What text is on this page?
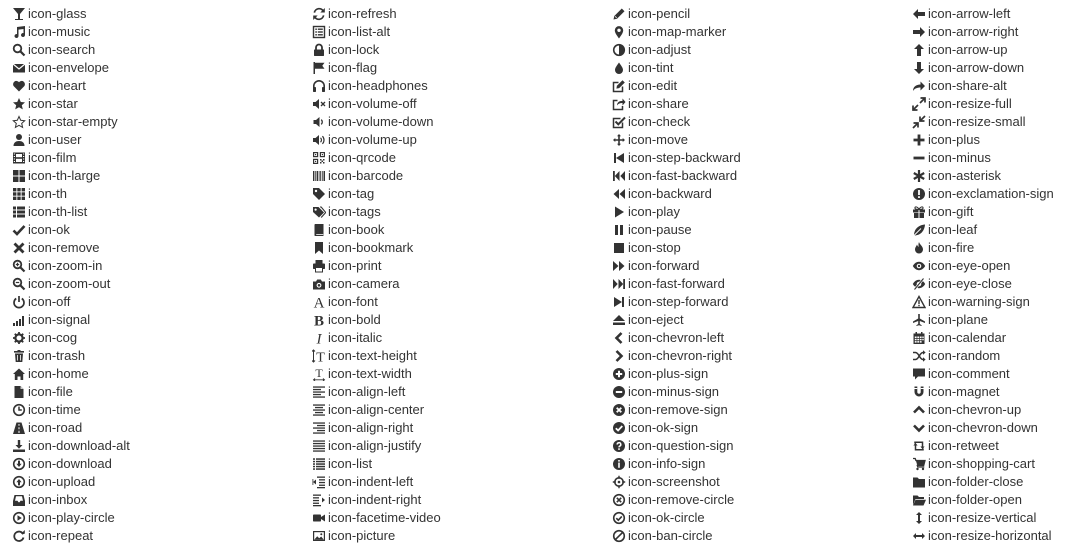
icon-glass
icon-music
icon-search
icon-envelope
icon-heart
icon-star
icon-star-empty
icon-user
icon-film
icon-th-large
icon-th
icon-th-list
icon-ok
icon-remove
icon-zoom-in
icon-zoom-out
icon-off
icon-signal
icon-cog
icon-trash
icon-home
icon-file
icon-time
icon-road
icon-download-alt
icon-download
icon-upload
icon-inbox
icon-play-circle
icon-repeat
icon-refresh
icon-list-alt
icon-lock
icon-flag
icon-headphones
icon-volume-off
icon-volume-down
icon-volume-up
icon-qrcode
icon-barcode
icon-tag
icon-tags
icon-book
icon-bookmark
icon-print
icon-camera
A icon-font
B icon-bold
I icon-italic
T icon-text-height
T icon-text-width
icon-align-left
icon-align-center
icon-align-right
icon-align-justify
icon-list
icon-indent-left
icon-indent-right
icon-facetime-video
icon-picture
icon-pencil
icon-map-marker
icon-adjust
icon-tint
icon-edit
icon-share
icon-check
icon-move
icon-step-backward
icon-fast-backward
icon-backward
icon-play
icon-pause
icon-stop
icon-forward
icon-fast-forward
icon-step-forward
icon-eject
icon-chevron-left
icon-chevron-right
icon-plus-sign
icon-minus-sign
icon-remove-sign
icon-ok-sign
icon-question-sign
icon-info-sign
icon-screenshot
icon-remove-circle
icon-ok-circle
icon-ban-circle
icon-arrow-left
icon-arrow-right
icon-arrow-up
icon-arrow-down
icon-share-alt
icon-resize-full
icon-resize-small
icon-plus
icon-minus
icon-asterisk
icon-exclamation-sign
icon-gift
icon-leaf
icon-fire
icon-eye-open
icon-eye-close
icon-warning-sign
icon-plane
icon-calendar
icon-random
icon-comment
icon-magnet
icon-chevron-up
icon-chevron-down
icon-retweet
icon-shopping-cart
icon-folder-close
icon-folder-open
icon-resize-vertical
icon-resize-horizontal
